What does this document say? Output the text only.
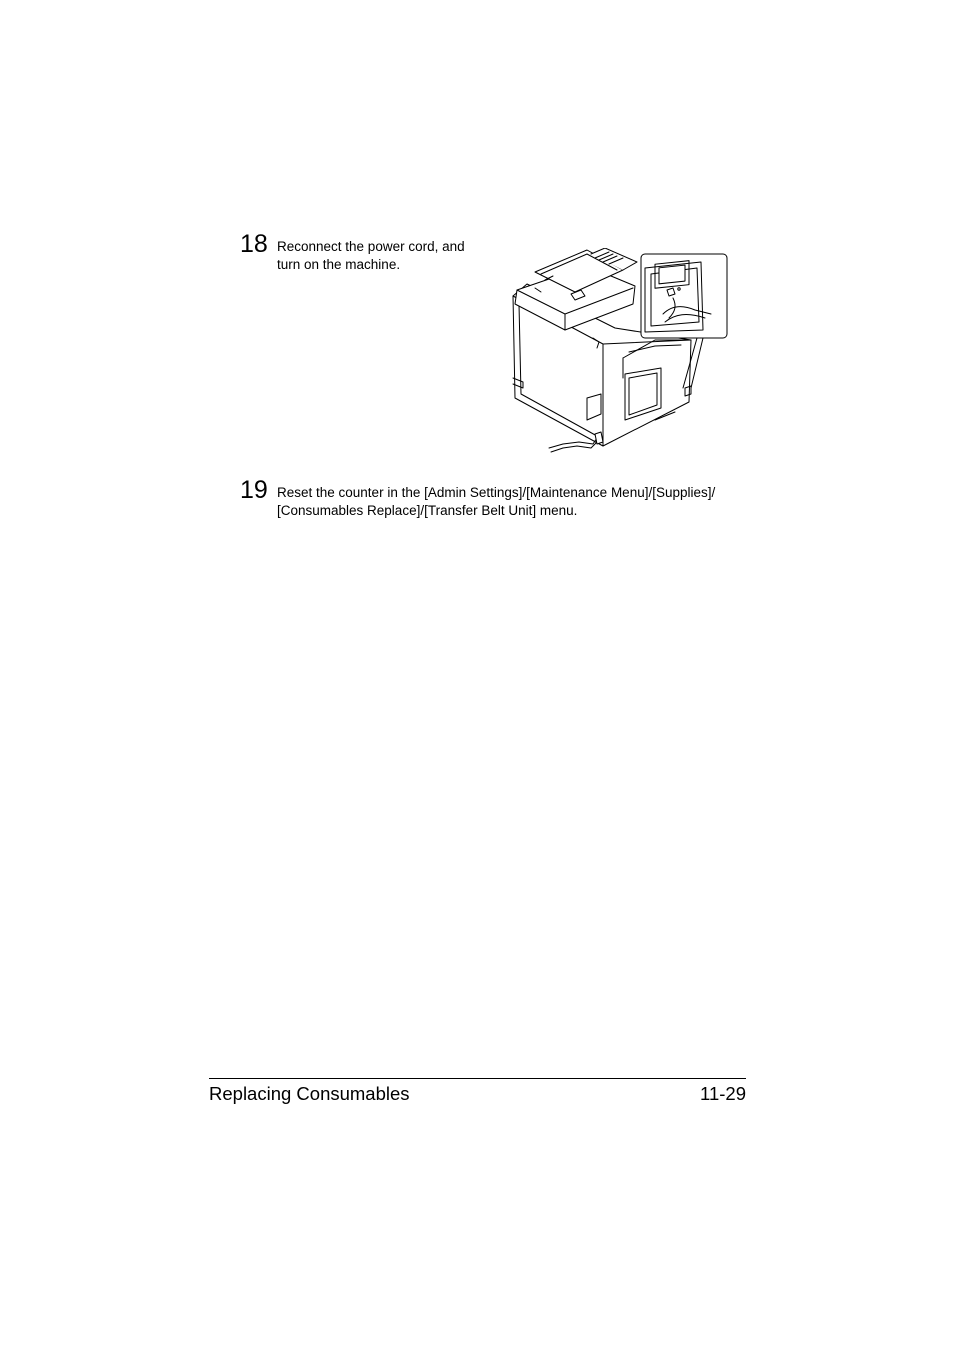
18 Reconnect the power cord, and
turn on the machine.
19 Reset the counter in the [Admin Settings]/[Maintenance Menu]/[Supplies]/
[Consumables Replace]/[Transfer Belt Unit] menu.
Replacing Consumables	11-29
